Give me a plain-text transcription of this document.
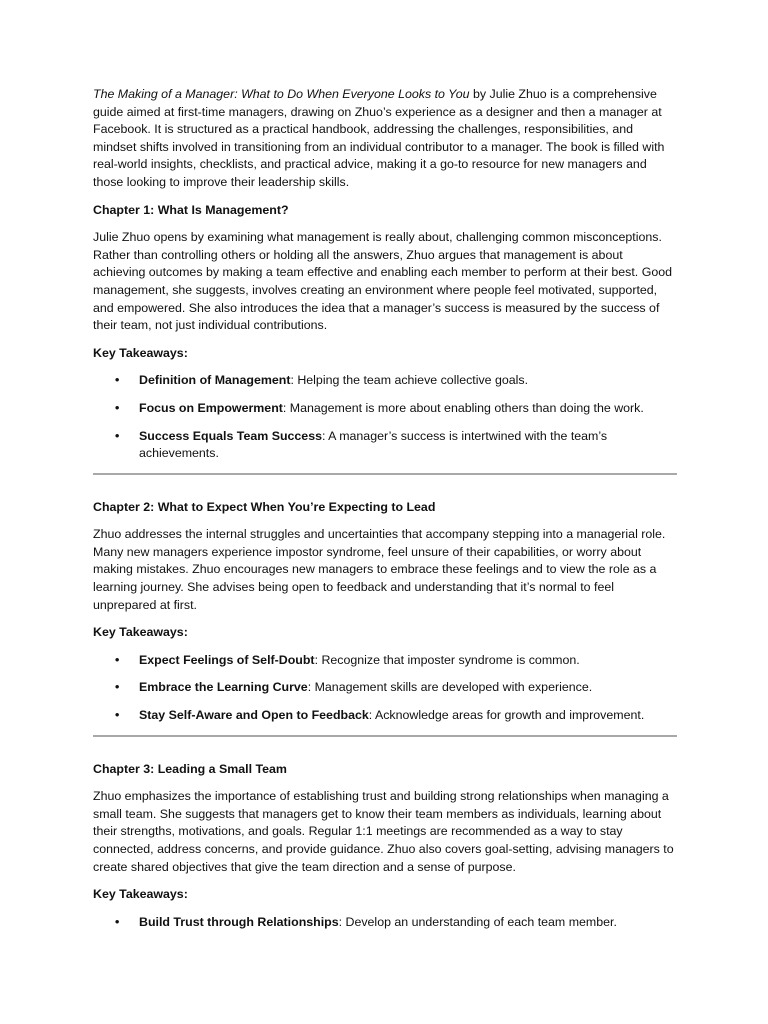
The Making of a Manager: What to Do When Everyone Looks to You by Julie Zhuo is a comprehensive guide aimed at first-time managers, drawing on Zhuo’s experience as a designer and then a manager at Facebook. It is structured as a practical handbook, addressing the challenges, responsibilities, and mindset shifts involved in transitioning from an individual contributor to a manager. The book is filled with real-world insights, checklists, and practical advice, making it a go-to resource for new managers and those looking to improve their leadership skills.

Chapter 1: What Is Management?

Julie Zhuo opens by examining what management is really about, challenging common misconceptions. Rather than controlling others or holding all the answers, Zhuo argues that management is about achieving outcomes by making a team effective and enabling each member to perform at their best. Good management, she suggests, involves creating an environment where people feel motivated, supported, and empowered. She also introduces the idea that a manager’s success is measured by the success of their team, not just individual contributions.

Key Takeaways:

• Definition of Management: Helping the team achieve collective goals.
• Focus on Empowerment: Management is more about enabling others than doing the work.
• Success Equals Team Success: A manager’s success is intertwined with the team’s achievements.

Chapter 2: What to Expect When You’re Expecting to Lead

Zhuo addresses the internal struggles and uncertainties that accompany stepping into a managerial role. Many new managers experience impostor syndrome, feel unsure of their capabilities, or worry about making mistakes. Zhuo encourages new managers to embrace these feelings and to view the role as a learning journey. She advises being open to feedback and understanding that it’s normal to feel unprepared at first.

Key Takeaways:

• Expect Feelings of Self-Doubt: Recognize that imposter syndrome is common.
• Embrace the Learning Curve: Management skills are developed with experience.
• Stay Self-Aware and Open to Feedback: Acknowledge areas for growth and improvement.

Chapter 3: Leading a Small Team

Zhuo emphasizes the importance of establishing trust and building strong relationships when managing a small team. She suggests that managers get to know their team members as individuals, learning about their strengths, motivations, and goals. Regular 1:1 meetings are recommended as a way to stay connected, address concerns, and provide guidance. Zhuo also covers goal-setting, advising managers to create shared objectives that give the team direction and a sense of purpose.

Key Takeaways:

• Build Trust through Relationships: Develop an understanding of each team member.
